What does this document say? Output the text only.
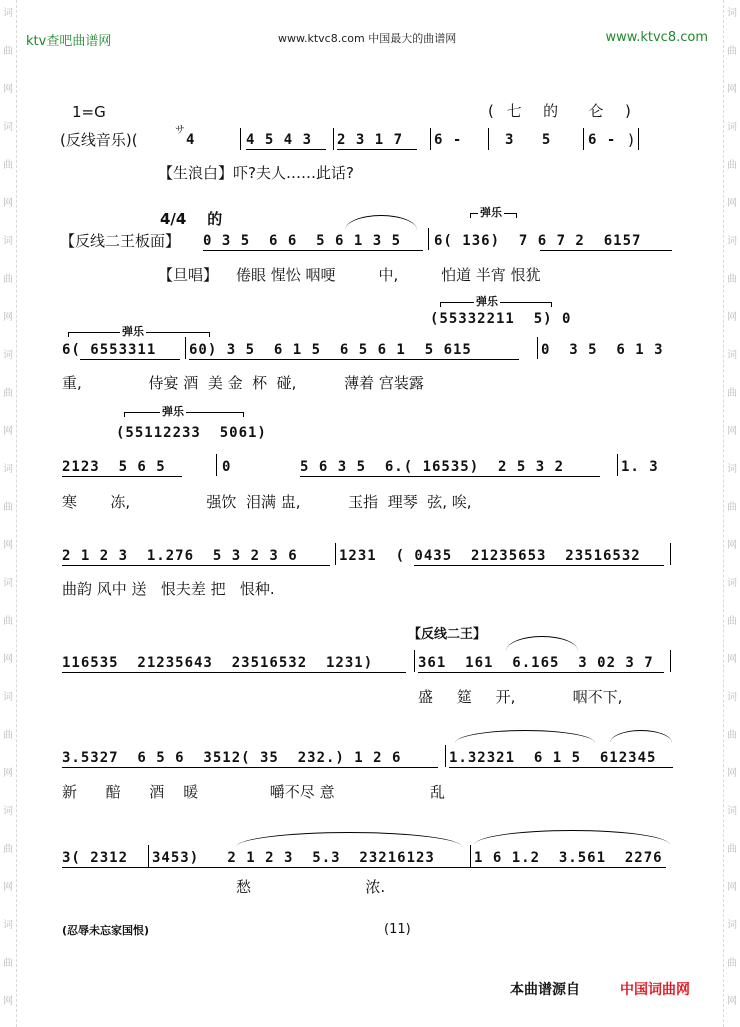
词
曲
网
词
曲
网
词
曲
网
词
曲
网
词
曲
网
词
曲
网
词
曲
网
词
曲
网
词
曲
网
词
曲
网
词
曲
网
词
曲
网
词
曲
网
词
曲
网
词
曲
网
词
曲
网
词
曲
网
词
曲
网
ktv查吧曲谱网	www.ktvc8.com 中国最大的曲谱网	www.ktvc8.com
1=G	( 七  的   仑  )
(反线音乐)(
サ
4	4 5 4 3 2 3 1 7 6 -	3 5 6 - )
【生浪白】吓?夫人……此话?
4/4    的	弹乐
【反线二王板面】 0 3 5  6 6  5 6 1 3 5 6( 136)  7 6 7 2  6157
【旦唱】 倦眼 惺忪 咽哽         中,         怕道 半宵 恨犹
弹乐
(55332211  5) 0
弹乐
6( 6553311 60) 3 5  6 1 5  6 5 6 1  5 615	0  3 5  6 1 3
重,              侍宴 酒  美 金  杯  碰,          薄着 宫装露
弹乐
(55112233  5061)
2123  5 6 5	0	5 6 3 5  6.( 16535)  2 5 3 2	1. 3
寒       冻,                强饮  泪满 盅,          玉指  理琴  弦, 唉,
2 1 2 3  1.276  5 3 2 3 6	1231  ( 0435  21235653  23516532
曲韵 风中 送   恨夫差 把   恨种.
【反线二王】
116535  21235643  23516532  1231)	361  161  6.165  3 02 3 7
盛     筵     开,            咽不下,
3.5327  6 5 6  3512( 35  232.) 1 2 6	1.32321  6 1 5  612345
新      醅      酒    暖               嚼不尽 意                    乱
3( 2312 3453)   2 1 2 3  5.3  23216123	1 6 1.2  3.561  2276
愁                        浓.
(忍辱未忘家国恨)	(11)
本曲谱源自	中国词曲网
